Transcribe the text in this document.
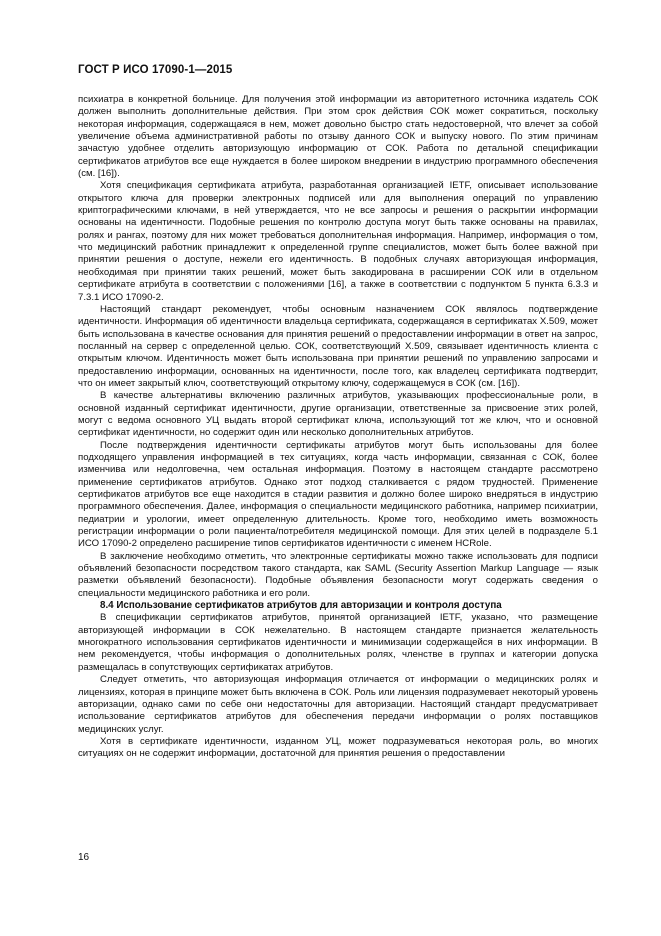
ГОСТ Р ИСО 17090-1—2015

психиатра в конкретной больнице. Для получения этой информации из авторитетного источника издатель СОК должен выполнить дополнительные действия. При этом срок действия СОК может сократиться, поскольку некоторая информация, содержащаяся в нем, может довольно быстро стать недостоверной, что влечет за собой увеличение объема административной работы по отзыву данного СОК и выпуску нового. По этим причинам зачастую удобнее отделить авторизующую информацию от СОК. Работа по детальной спецификации сертификатов атрибутов все еще нуждается в более широком внедрении в индустрию программного обеспечения (см. [16]).

Хотя спецификация сертификата атрибута, разработанная организацией IETF, описывает использование открытого ключа для проверки электронных подписей или для выполнения операций по управлению криптографическими ключами, в ней утверждается, что не все запросы и решения о раскрытии информации основаны на идентичности. Подобные решения по контролю доступа могут быть также основаны на правилах, ролях и рангах, поэтому для них может требоваться дополнительная информация. Например, информация о том, что медицинский работник принадлежит к определенной группе специалистов, может быть более важной при принятии решения о доступе, нежели его идентичность. В подобных случаях авторизующая информация, необходимая при принятии таких решений, может быть закодирована в расширении СОК или в отдельном сертификате атрибута в соответствии с положениями [16], а также в соответствии с подпунктом 5 пункта 6.3.3 и 7.3.1 ИСО 17090-2.

Настоящий стандарт рекомендует, чтобы основным назначением СОК являлось подтверждение идентичности. Информация об идентичности владельца сертификата, содержащаяся в сертификатах X.509, может быть использована в качестве основания для принятия решений о предоставлении информации в ответ на запрос, посланный на сервер с определенной целью. СОК, соответствующий X.509, связывает идентичность клиента с открытым ключом. Идентичность может быть использована при принятии решений по управлению запросами и предоставлению информации, основанных на идентичности, после того, как владелец сертификата подтвердит, что он имеет закрытый ключ, соответствующий открытому ключу, содержащемуся в СОК (см. [16]).

В качестве альтернативы включению различных атрибутов, указывающих профессиональные роли, в основной изданный сертификат идентичности, другие организации, ответственные за присвоение этих ролей, могут с ведома основного УЦ выдать второй сертификат ключа, использующий тот же ключ, что и основной сертификат идентичности, но содержит один или несколько дополнительных атрибутов.

После подтверждения идентичности сертификаты атрибутов могут быть использованы для более подходящего управления информацией в тех ситуациях, когда часть информации, связанная с СОК, более изменчива или недолговечна, чем остальная информация. Поэтому в настоящем стандарте рассмотрено применение сертификатов атрибутов. Однако этот подход сталкивается с рядом трудностей. Применение сертификатов атрибутов все еще находится в стадии развития и должно более широко внедряться в индустрию программного обеспечения. Далее, информация о специальности медицинского работника, например психиатрии, педиатрии и урологии, имеет определенную длительность. Кроме того, необходимо иметь возможность регистрации информации о роли пациента/потребителя медицинской помощи. Для этих целей в подразделе 5.1 ИСО 17090-2 определено расширение типов сертификатов идентичности с именем HCRole.

В заключение необходимо отметить, что электронные сертификаты можно также использовать для подписи объявлений безопасности посредством такого стандарта, как SAML (Security Assertion Markup Language — язык разметки объявлений безопасности). Подобные объявления безопасности могут содержать сведения о специальности медицинского работника и его роли.

8.4 Использование сертификатов атрибутов для авторизации и контроля доступа

В спецификации сертификатов атрибутов, принятой организацией IETF, указано, что размещение авторизующей информации в СОК нежелательно. В настоящем стандарте признается желательность многократного использования сертификатов идентичности и минимизации содержащейся в них информации. В нем рекомендуется, чтобы информация о дополнительных ролях, членстве в группах и категории допуска размещалась в сопутствующих сертификатах атрибутов.

Следует отметить, что авторизующая информация отличается от информации о медицинских ролях и лицензиях, которая в принципе может быть включена в СОК. Роль или лицензия подразумевает некоторый уровень авторизации, однако сами по себе они недостаточны для авторизации. Настоящий стандарт предусматривает использование сертификатов атрибутов для обеспечения передачи информации о ролях поставщиков медицинских услуг.

Хотя в сертификате идентичности, изданном УЦ, может подразумеваться некоторая роль, во многих ситуациях он не содержит информации, достаточной для принятия решения о предоставлении

16
